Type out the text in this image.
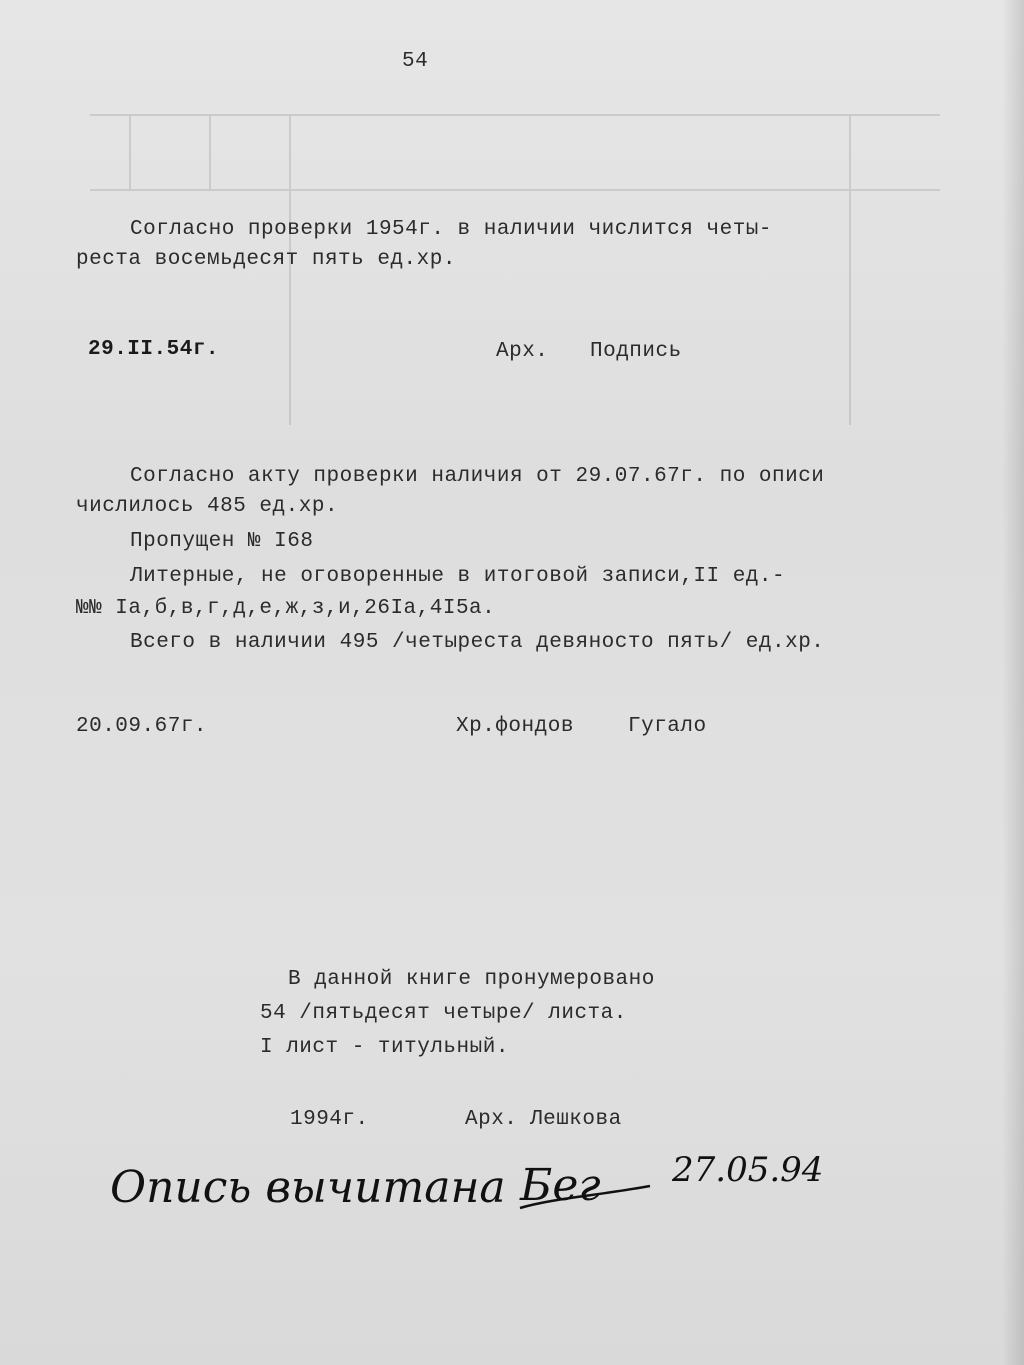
54
Согласно проверки 1954г. в наличии числится четы-
реста восемьдесят пять ед.хр.
29.II.54г.	Арх. Подпись
Согласно акту проверки наличия от 29.07.67г. по описи
числилось 485 ед.хр.
Пропущен № I68
Литерные, не оговоренные в итоговой записи,II ед.-
№№ Iа,б,в,г,д,е,ж,з,и,26Iа,4I5а.
Всего в наличии 495 /четыреста девяносто пять/ ед.хр.
20.09.67г.	Хр.фондов	Гугало
В данной книге пронумеровано
54 /пятьдесят четыре/ листа.
I лист - титульный.
1994г.	Арх. Лешкова
Опись вычитана Бег 27.05.94
